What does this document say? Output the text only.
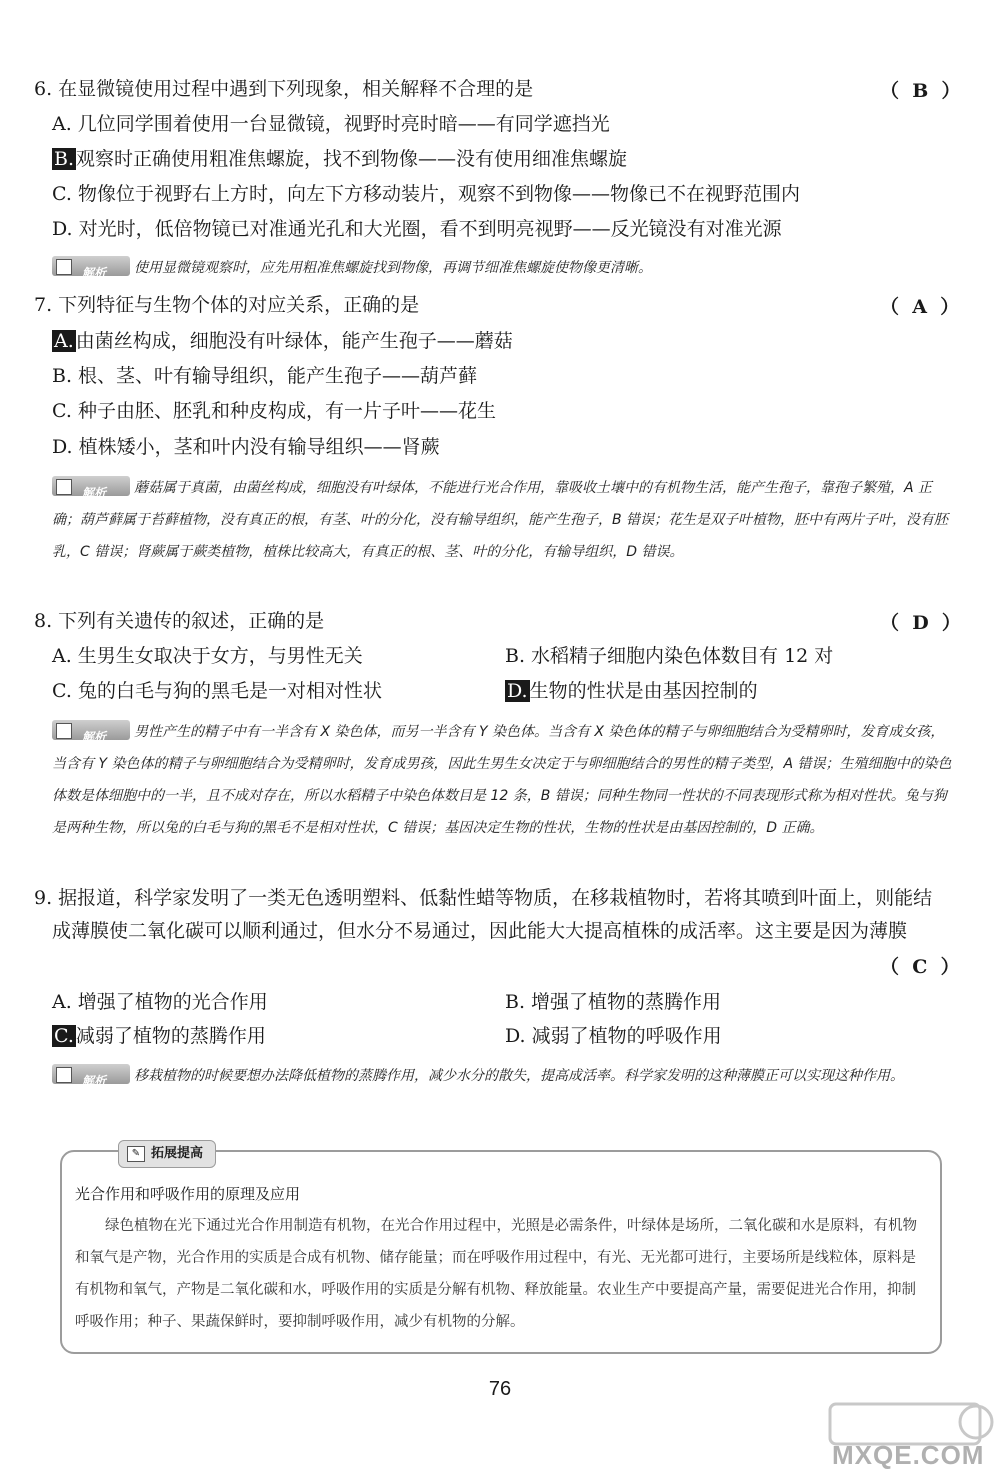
6. 在显微镜使用过程中遇到下列现象，相关解释不合理的是	（  B  ）
A. 几位同学围着使用一台显微镜，视野时亮时暗——有同学遮挡光
B. 观察时正确使用粗准焦螺旋，找不到物像——没有使用细准焦螺旋
C. 物像位于视野右上方时，向左下方移动装片，观察不到物像——物像已不在视野范围内
D. 对光时，低倍物镜已对准通光孔和大光圈，看不到明亮视野——反光镜没有对准光源
解析使用显微镜观察时，应先用粗准焦螺旋找到物像，再调节细准焦螺旋使物像更清晰。
7. 下列特征与生物个体的对应关系，正确的是	（  A  ）
A. 由菌丝构成，细胞没有叶绿体，能产生孢子——蘑菇
B. 根、茎、叶有输导组织，能产生孢子——葫芦藓
C. 种子由胚、胚乳和种皮构成，有一片子叶——花生
D. 植株矮小，茎和叶内没有输导组织——肾蕨
解析蘑菇属于真菌，由菌丝构成，细胞没有叶绿体，不能进行光合作用，靠吸收土壤中的有机物生活，能产生孢子，靠孢子繁殖，A 正确；葫芦藓属于苔藓植物，没有真正的根，有茎、叶的分化，没有输导组织，能产生孢子，B 错误；花生是双子叶植物，胚中有两片子叶，没有胚乳，C 错误；肾蕨属于蕨类植物，植株比较高大，有真正的根、茎、叶的分化，有输导组织，D 错误。
8. 下列有关遗传的叙述，正确的是	（  D  ）
A. 生男生女取决于女方，与男性无关	B. 水稻精子细胞内染色体数目有 12 对
C. 兔的白毛与狗的黑毛是一对相对性状	D. 生物的性状是由基因控制的
解析男性产生的精子中有一半含有 X 染色体，而另一半含有 Y 染色体。当含有 X 染色体的精子与卵细胞结合为受精卵时，发育成女孩，当含有 Y 染色体的精子与卵细胞结合为受精卵时，发育成男孩，因此生男生女决定于与卵细胞结合的男性的精子类型，A 错误；生殖细胞中的染色体数是体细胞中的一半，且不成对存在，所以水稻精子中染色体数目是 12 条，B 错误；同种生物同一性状的不同表现形式称为相对性状。兔与狗是两种生物，所以兔的白毛与狗的黑毛不是相对性状，C 错误；基因决定生物的性状，生物的性状是由基因控制的，D 正确。
9. 据报道，科学家发明了一类无色透明塑料、低黏性蜡等物质，在移栽植物时，若将其喷到叶面上，则能结
成薄膜使二氧化碳可以顺利通过，但水分不易通过，因此能大大提高植株的成活率。这主要是因为薄膜
（  C  ）
A. 增强了植物的光合作用	B. 增强了植物的蒸腾作用
C. 减弱了植物的蒸腾作用	D. 减弱了植物的呼吸作用
解析移栽植物的时候要想办法降低植物的蒸腾作用，减少水分的散失，提高成活率。科学家发明的这种薄膜正可以实现这种作用。
✎ 拓展提高
光合作用和呼吸作用的原理及应用
绿色植物在光下通过光合作用制造有机物，在光合作用过程中，光照是必需条件，叶绿体是场所，二氧化碳和水是原料，有机物和氧气是产物，光合作用的实质是合成有机物、储存能量；而在呼吸作用过程中，有光、无光都可进行，主要场所是线粒体，原料是有机物和氧气，产物是二氧化碳和水，呼吸作用的实质是分解有机物、释放能量。农业生产中要提高产量，需要促进光合作用，抑制呼吸作用；种子、果蔬保鲜时，要抑制呼吸作用，减少有机物的分解。
76
MXQE.COM
